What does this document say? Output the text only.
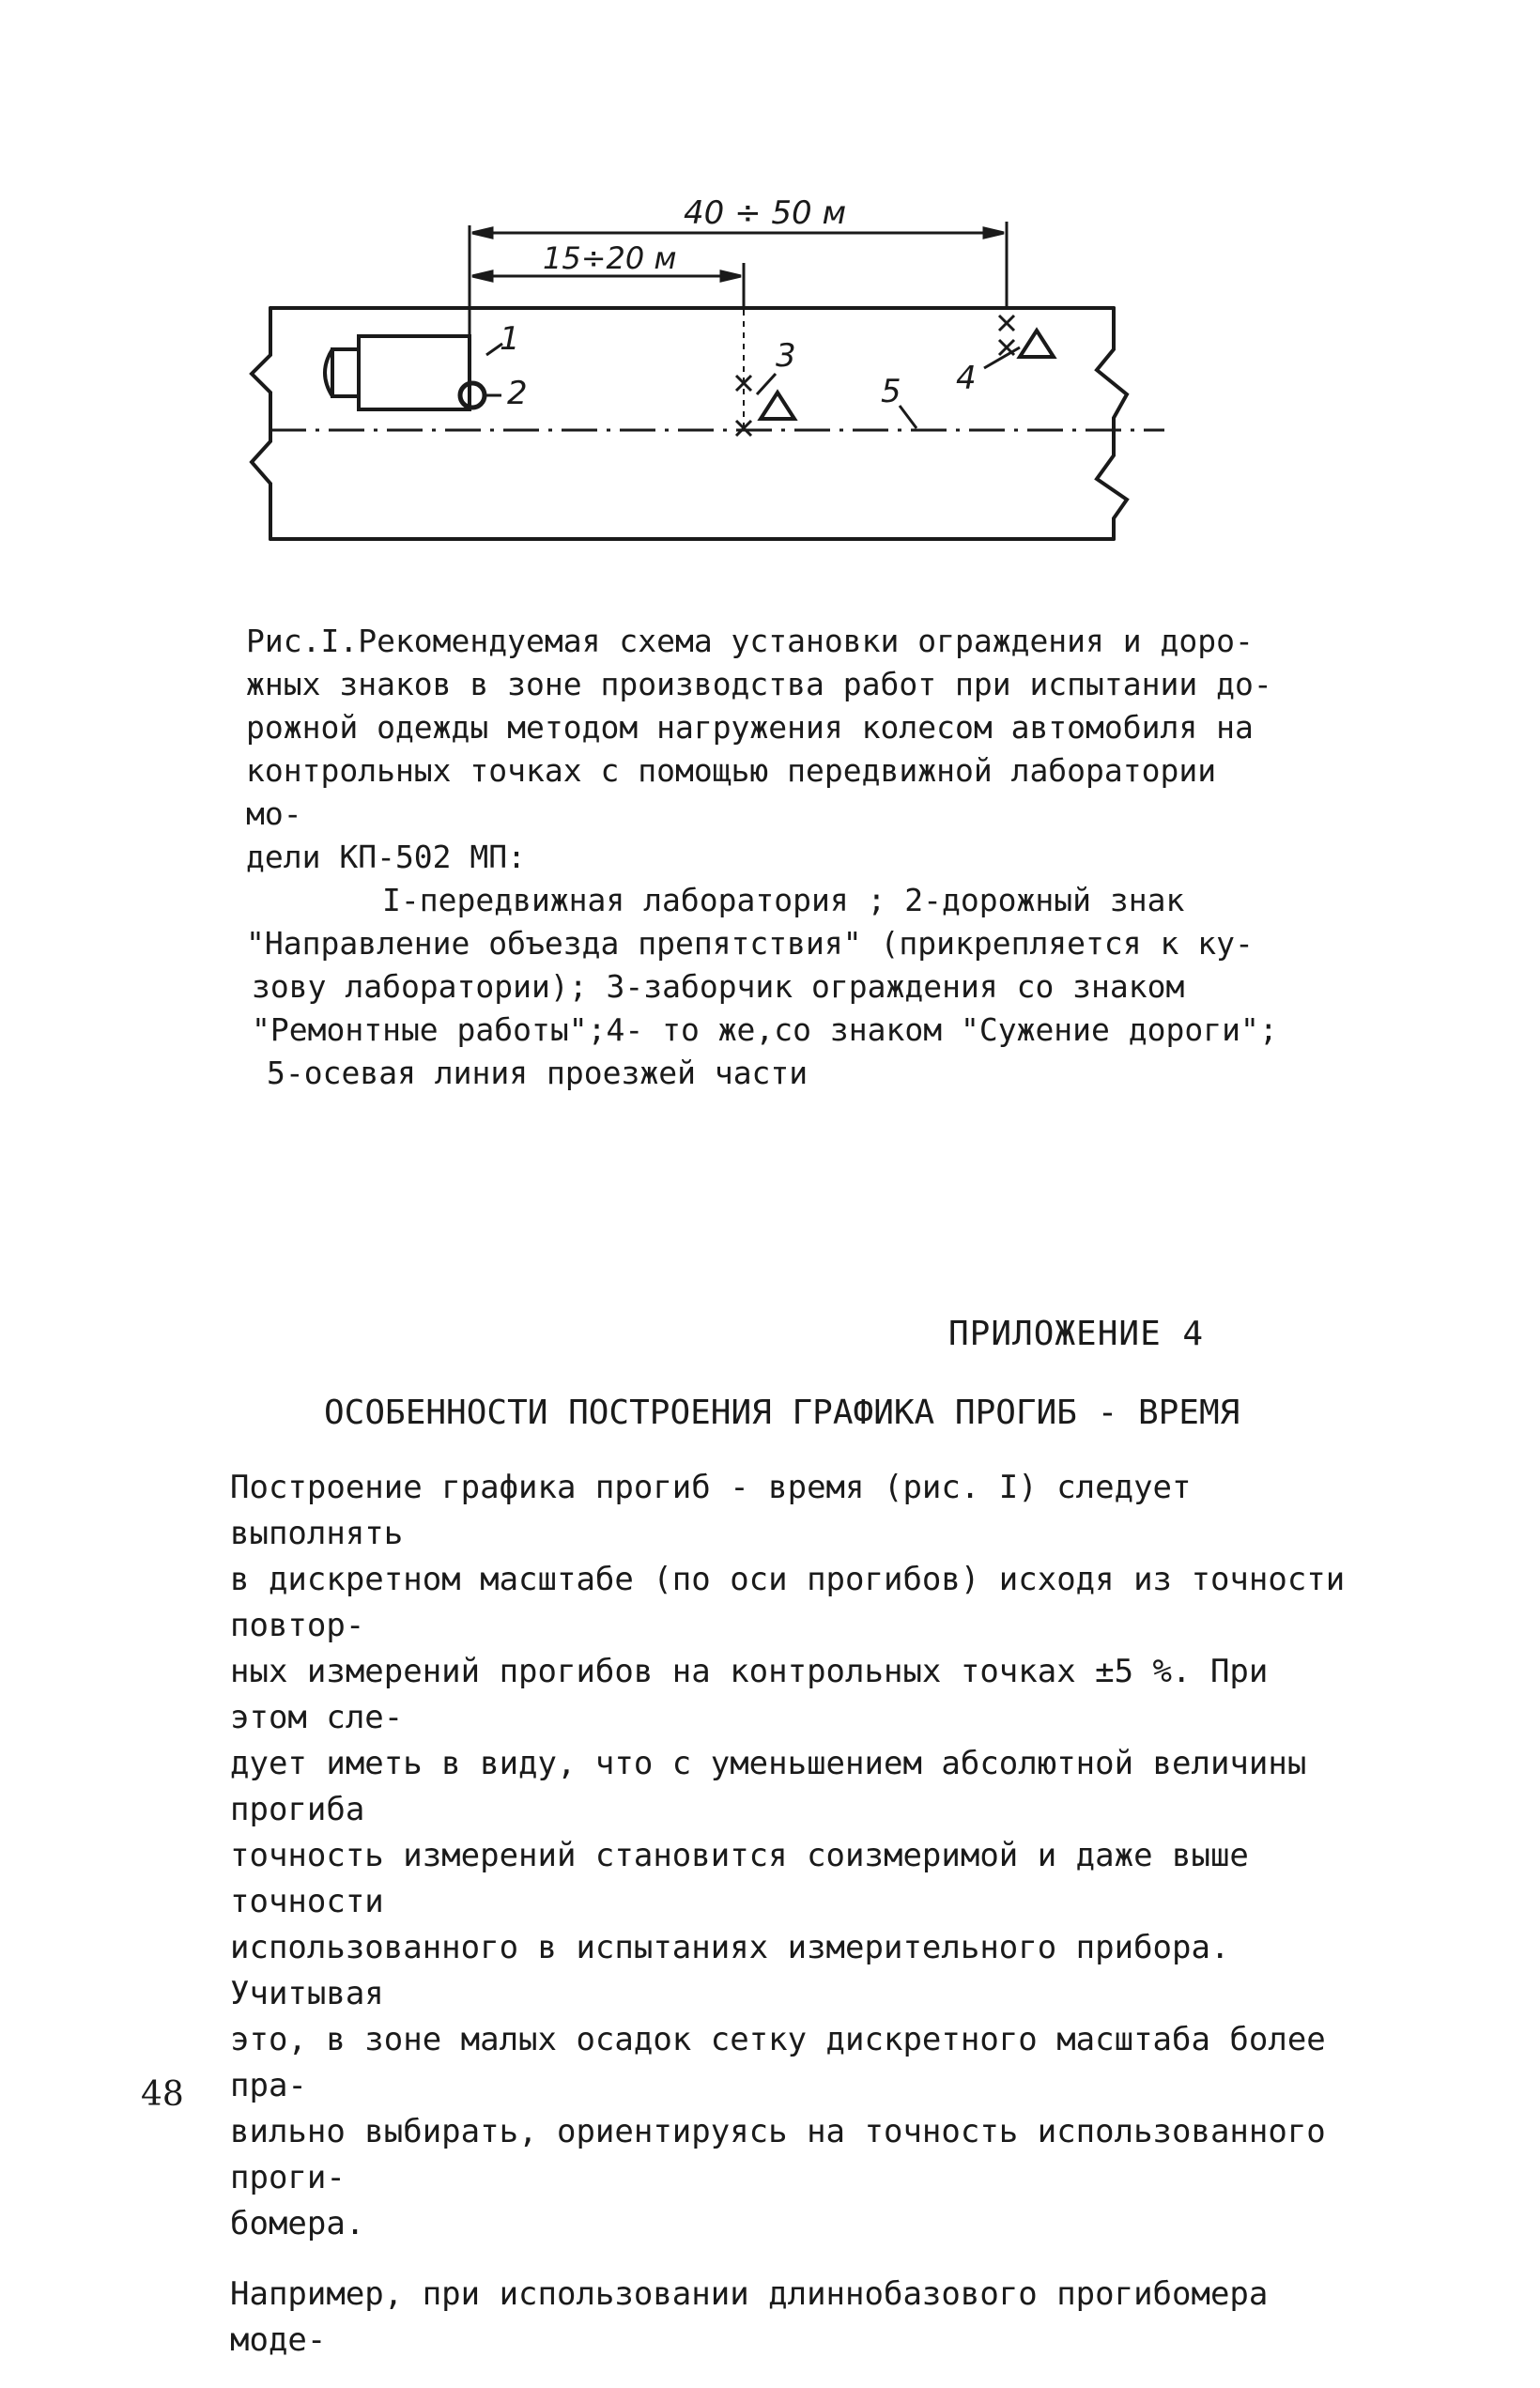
40 ÷ 50 м
15÷20 м
1
2
3
4
5

Рис.I.Рекомендуемая схема установки ограждения и доро-

жных знаков в зоне производства работ при испытании до-

рожной одежды методом нагружения колесом автомобиля на

контрольных точках с помощью передвижной лаборатории мо-

дели КП-502 МП:

I-передвижная лаборатория ; 2-дорожный знак

"Направление объезда препятствия" (прикрепляется к ку-

зову лаборатории); 3-заборчик ограждения со знаком

"Ремонтные работы";4- то же,со знаком "Сужение дороги";

5-осевая линия проезжей части

ПРИЛОЖЕНИЕ 4
ОСОБЕННОСТИ ПОСТРОЕНИЯ ГРАФИКА ПРОГИБ - ВРЕМЯ

Построение графика прогиб - время (рис. I) следует выполнять
в дискретном масштабе (по оси прогибов) исходя из точности повтор-
ных измерений прогибов на контрольных точках ±5 %. При этом сле-
дует иметь в виду, что с уменьшением абсолютной величины прогиба
точность измерений становится соизмеримой и даже выше точности
использованного в испытаниях измерительного прибора. Учитывая
это, в зоне малых осадок сетку дискретного масштаба более пра-
вильно выбирать, ориентируясь на точность использованного проги-
бомера.

Например, при использовании длиннобазового прогибомера моде-

48
